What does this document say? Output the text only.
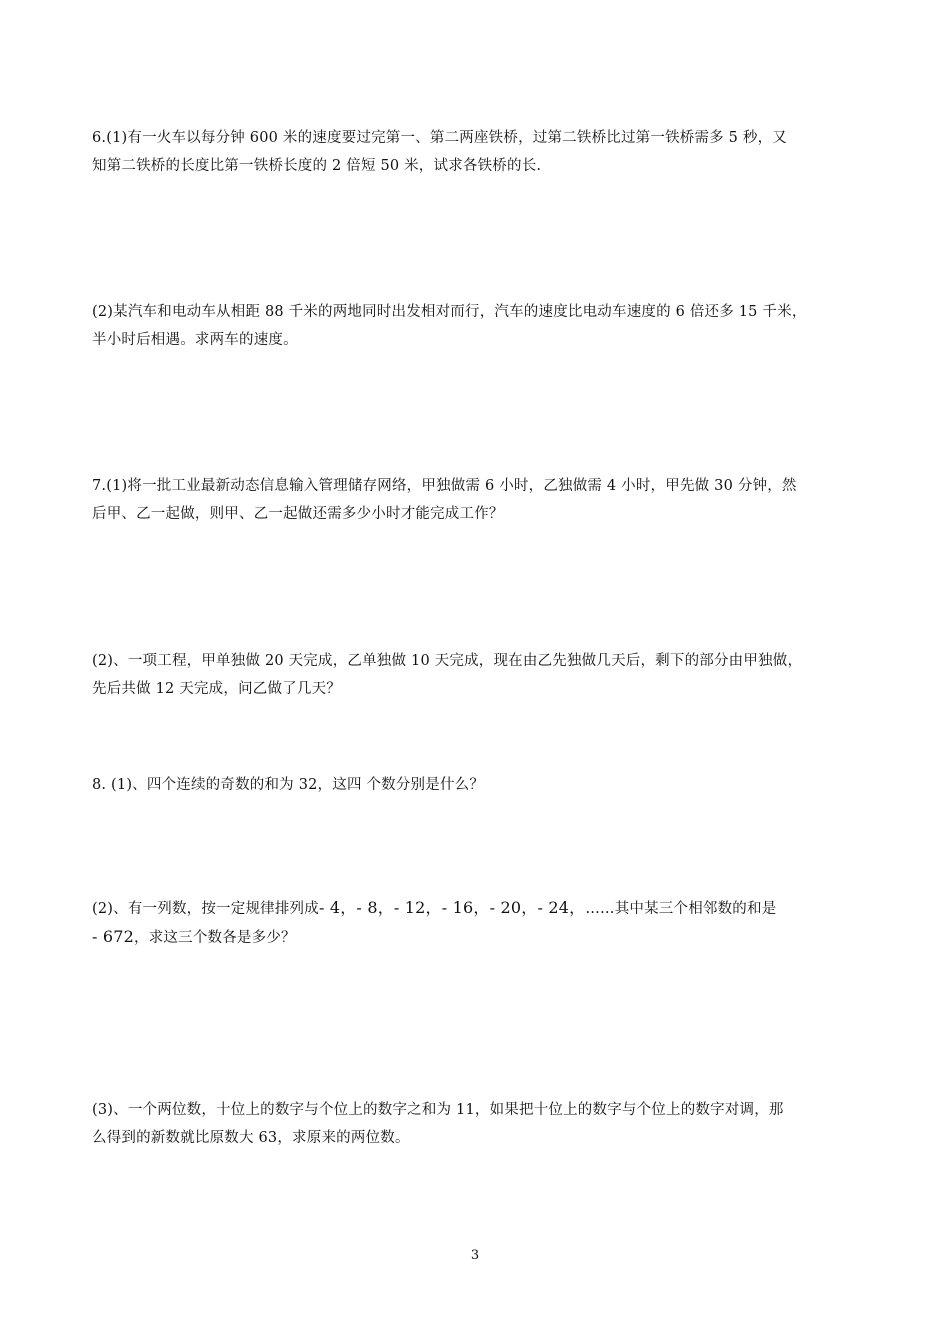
6.(1)有一火车以每分钟 600 米的速度要过完第一、第二两座铁桥，过第二铁桥比过第一铁桥需多 5 秒，又
知第二铁桥的长度比第一铁桥长度的 2 倍短 50 米，试求各铁桥的长.
(2)某汽车和电动车从相距 88 千米的两地同时出发相对而行，汽车的速度比电动车速度的 6 倍还多 15 千米，
半小时后相遇。求两车的速度。
7.(1)将一批工业最新动态信息输入管理储存网络，甲独做需 6 小时，乙独做需 4 小时，甲先做 30 分钟，然
后甲、乙一起做，则甲、乙一起做还需多少小时才能完成工作？
(2)、一项工程，甲单独做 20 天完成，乙单独做 10 天完成，现在由乙先独做几天后，剩下的部分由甲独做，
先后共做 12 天完成，问乙做了几天？
8. (1)、四个连续的奇数的和为 32，这四 个数分别是什么？
(2)、有一列数，按一定规律排列成- 4，- 8，- 12，- 16，- 20，- 24，……其中某三个相邻数的和是
- 672，求这三个数各是多少？
(3)、一个两位数，十位上的数字与个位上的数字之和为 11，如果把十位上的数字与个位上的数字对调，那
么得到的新数就比原数大 63，求原来的两位数。
3
